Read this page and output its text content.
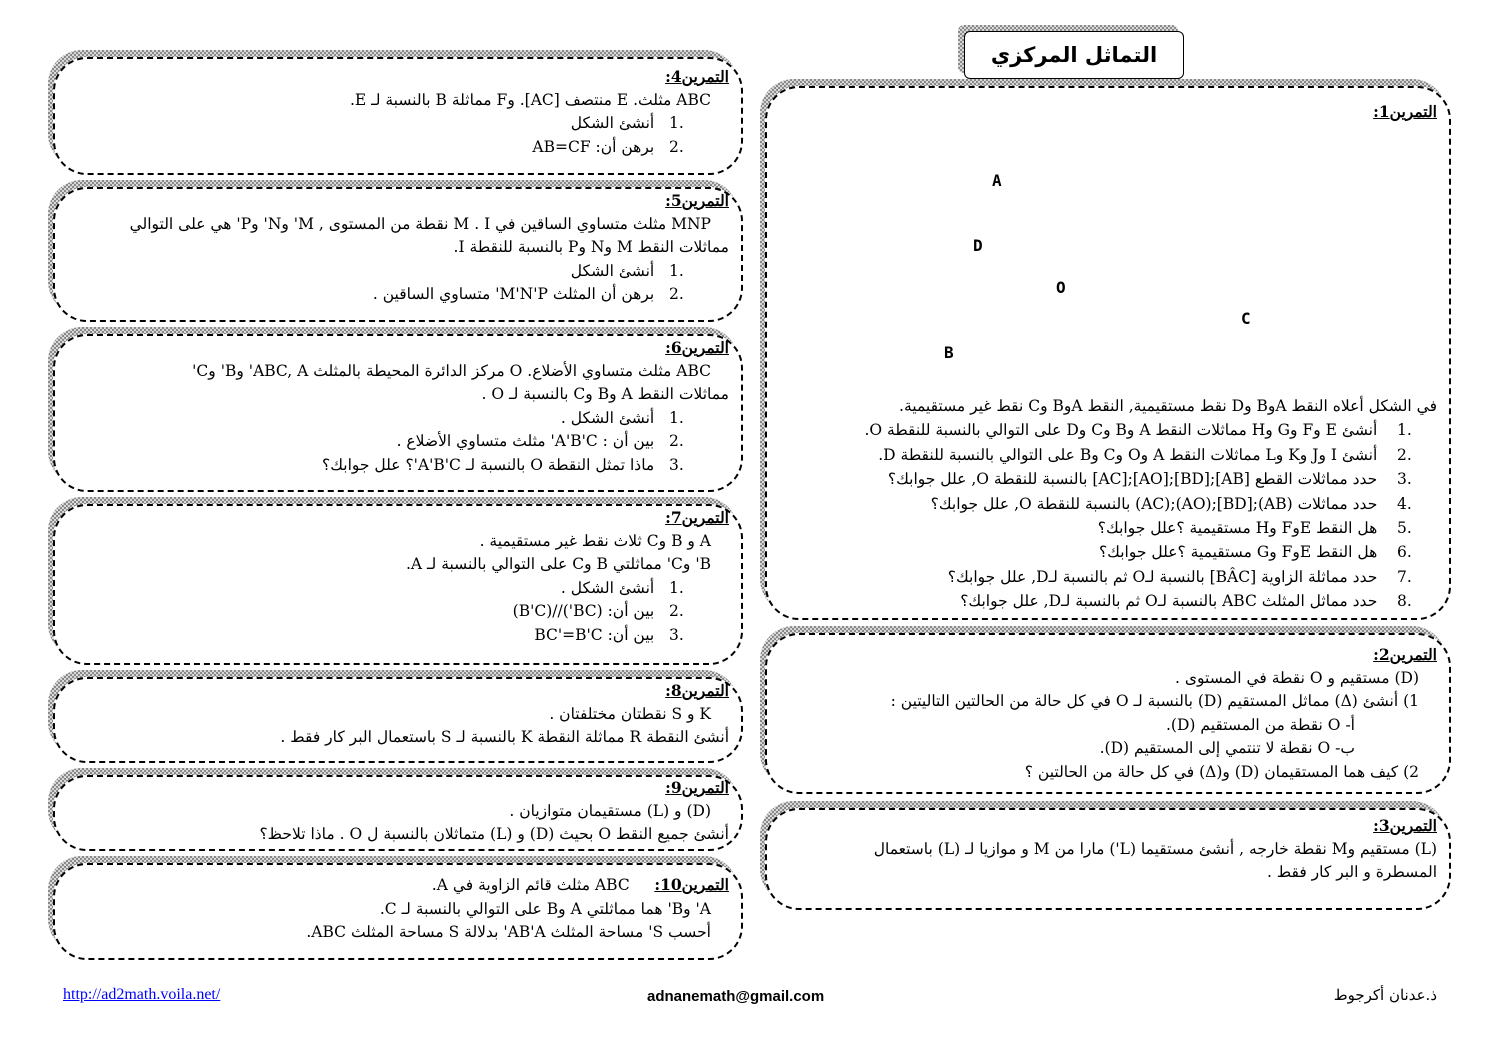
التماثل المركزي
التمرين1:
A
D
O
C
B
في الشكل أعلاه النقط AوB وD نقط مستقيمية, النقط AوB وC نقط غير مستقيمية.
1.    أنشئ E وF وG وH مماثلات النقط A وB وC وD على التوالي بالنسبة للنقطة O.
2.    أنشئ I وJ وK وL مماثلات النقط A وO وC وB على التوالي بالنسبة للنقطة D.
3.    حدد مماثلات القطع [AB];[BD];[AO];[AC] بالنسبة للنقطة O, علل جوابك؟
4.    حدد مماثلات (AB);[BD];(AO);(AC) بالنسبة للنقطة O, علل جوابك؟
5.    هل النقط EوF وH مستقيمية ؟علل جوابك؟
6.    هل النقط EوF وG مستقيمية ؟علل جوابك؟
7.    حدد مماثلة الزاوية [BÂC] بالنسبة لـO ثم بالنسبة لـD, علل جوابك؟
8.    حدد مماثل المثلث ABC بالنسبة لـO ثم بالنسبة لـD, علل جوابك؟
التمرين2:
(D) مستقيم و O نقطة في المستوى .
1) أنشئ (Δ) مماثل المستقيم (D) بالنسبة لـ O في كل حالة من الحالتين التاليتين :
أ- O نقطة من المستقيم (D).
ب- O نقطة لا تنتمي إلى المستقيم (D).
2) كيف هما المستقيمان (D) و(Δ) في كل حالة من الحالتين ؟
التمرين3:
(L) مستقيم وM نقطة خارجه , أنشئ مستقيما (L') مارا من M و موازيا لـ (L) باستعمال
المسطرة و البر كار فقط .
التمرين4:
ABC مثلث. E منتصف [AC]. وF مماثلة B بالنسبة لـ E.
1.   أنشئ الشكل
2.   برهن أن: AB=CF
التمرين5:
MNP مثلث متساوي الساقين في M . I نقطة من المستوى , M' وN' وP' هي على التوالي
مماثلات النقط M وN وP بالنسبة للنقطة I.
1.   أنشئ الشكل
2.   برهن أن المثلث M'N'P' متساوي الساقين .
التمرين6:
ABC مثلث متساوي الأضلاع. O مركز الدائرة المحيطة بالمثلث ABC, A' وB' وC'
مماثلات النقط A وB وC بالنسبة لـ O .
1.   أنشئ الشكل .
2.   بين أن : A'B'C' مثلث متساوي الأضلاع .
3.   ماذا تمثل النقطة O بالنسبة لـ A'B'C'؟ علل جوابك؟
التمرين7:
A و B وC ثلاث نقط غير مستقيمية .
B' وC' مماثلتي B وC على التوالي بالنسبة لـ A.
1.   أنشئ الشكل .
2.   بين أن: (BC')//(B'C)
3.   بين أن: BC'=B'C
التمرين8:
K و S نقطتان مختلفتان .
أنشئ النقطة R مماثلة النقطة K بالنسبة لـ S باستعمال البر كار فقط .
التمرين9:
(D) و (L) مستقيمان متوازيان .
أنشئ جميع النقط O بحيث (D) و (L) متماثلان بالنسبة ل O . ماذا تلاحظ؟
التمرين10:     ABC مثلث قائم الزاوية في A.
A' وB' هما مماثلتي A وB على التوالي بالنسبة لـ C.
أحسب S' مساحة المثلث AB'A' بدلالة S مساحة المثلث ABC.
http://ad2math.voila.net/	adnanemath@gmail.com	ذ.عدنان أكرجوط
